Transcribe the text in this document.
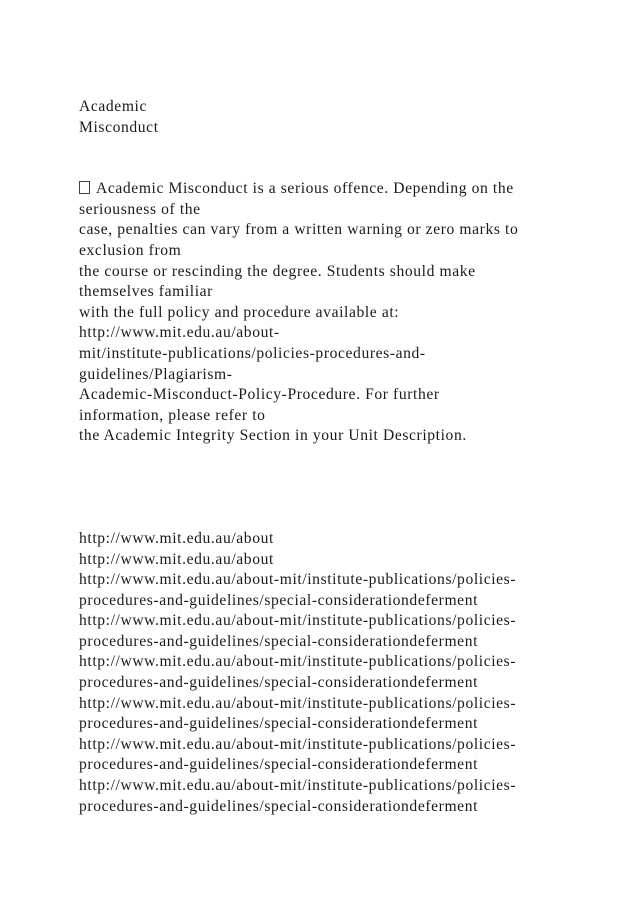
Academic
Misconduct
Academic Misconduct is a serious offence. Depending on the
seriousness of the
case, penalties can vary from a written warning or zero marks to
exclusion from
the course or rescinding the degree. Students should make
themselves familiar
with the full policy and procedure available at:
http://www.mit.edu.au/about-
mit/institute-publications/policies-procedures-and-
guidelines/Plagiarism-
Academic-Misconduct-Policy-Procedure. For further
information, please refer to
the Academic Integrity Section in your Unit Description.
http://www.mit.edu.au/about
http://www.mit.edu.au/about
http://www.mit.edu.au/about-mit/institute-publications/policies-
procedures-and-guidelines/special-considerationdeferment
http://www.mit.edu.au/about-mit/institute-publications/policies-
procedures-and-guidelines/special-considerationdeferment
http://www.mit.edu.au/about-mit/institute-publications/policies-
procedures-and-guidelines/special-considerationdeferment
http://www.mit.edu.au/about-mit/institute-publications/policies-
procedures-and-guidelines/special-considerationdeferment
http://www.mit.edu.au/about-mit/institute-publications/policies-
procedures-and-guidelines/special-considerationdeferment
http://www.mit.edu.au/about-mit/institute-publications/policies-
procedures-and-guidelines/special-considerationdeferment
